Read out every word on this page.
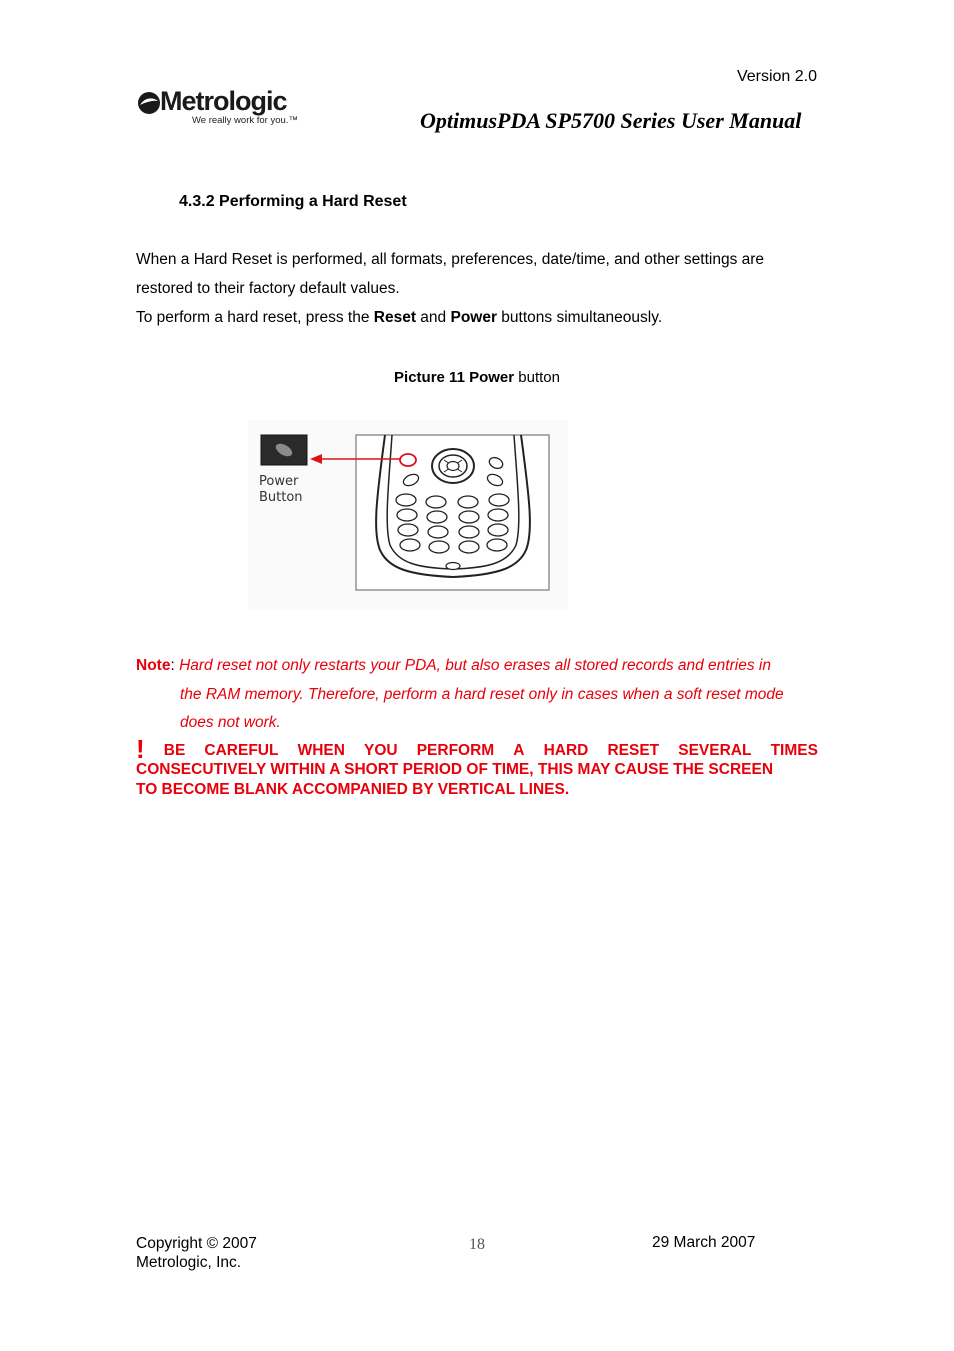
Version 2.0
Metrologic
We really work for you.™	OptimusPDA SP5700 Series User Manual
4.3.2 Performing a Hard Reset
When a Hard Reset is performed, all formats, preferences, date/time, and other settings are
restored to their factory default values.
To perform a hard reset, press the Reset and Power buttons simultaneously.
Picture 11 Power button
Power
Button
Note: Hard reset not only restarts your PDA, but also erases all stored records and entries in
the RAM memory. Therefore, perform a hard reset only in cases when a soft reset mode
does not work.
! BE CAREFUL WHEN YOU PERFORM A HARD RESET SEVERAL TIMES
CONSECUTIVELY WITHIN A SHORT PERIOD OF TIME, THIS MAY CAUSE THE SCREEN
TO BECOME BLANK ACCOMPANIED BY VERTICAL LINES.
Copyright © 2007
Metrologic, Inc.
18	29 March 2007
